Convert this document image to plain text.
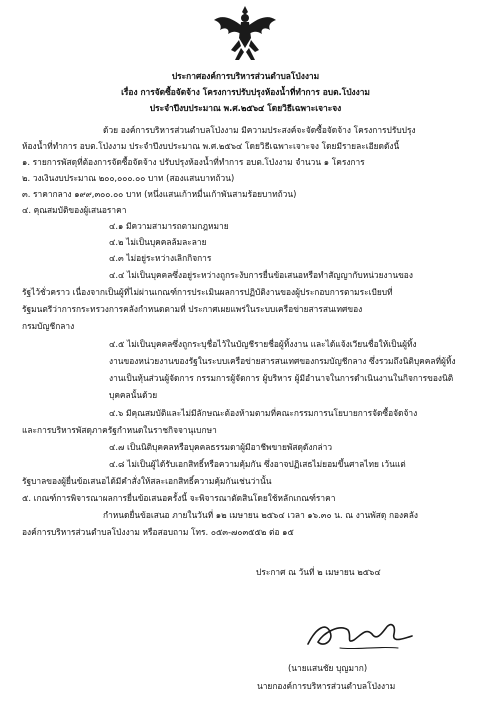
ประกาศองค์การบริหารส่วนตำบลโป่งงาม
เรื่อง การจัดซื้อจัดจ้าง โครงการปรับปรุงห้องน้ำที่ทำการ อบต.โป่งงาม
ประจำปีงบประมาณ พ.ศ.๒๕๖๔ โดยวิธีเฉพาะเจาะจง
ด้วย องค์การบริหารส่วนตำบลโป่งงาม มีความประสงค์จะจัดซื้อจัดจ้าง โครงการปรับปรุง
ห้องน้ำที่ทำการ อบต.โป่งงาม ประจำปีงบประมาณ พ.ศ.๒๕๖๔ โดยวิธีเฉพาะเจาะจง โดยมีรายละเอียดดังนี้
๑. รายการพัสดุที่ต้องการจัดซื้อจัดจ้าง ปรับปรุงห้องน้ำที่ทำการ อบต.โป่งงาม จำนวน ๑ โครงการ
๒. วงเงินงบประมาณ ๒๐๐,๐๐๐.๐๐ บาท (สองแสนบาทถ้วน)
๓. ราคากลาง ๑๙๙,๓๐๐.๐๐ บาท (หนึ่งแสนเก้าหมื่นเก้าพันสามร้อยบาทถ้วน)
๔. คุณสมบัติของผู้เสนอราคา
๔.๑ มีความสามารถตามกฎหมาย
๔.๒ ไม่เป็นบุคคลล้มละลาย
๔.๓ ไม่อยู่ระหว่างเลิกกิจการ
๔.๔ ไม่เป็นบุคคลซึ่งอยู่ระหว่างถูกระงับการยื่นข้อเสนอหรือทำสัญญากับหน่วยงานของ
รัฐไว้ชั่วคราว เนื่องจากเป็นผู้ที่ไม่ผ่านเกณฑ์การประเมินผลการปฏิบัติงานของผู้ประกอบการตามระเบียบที่
รัฐมนตรีว่าการกระทรวงการคลังกำหนดตามที่ ประกาศเผยแพร่ในระบบเครือข่ายสารสนเทศของ
กรมบัญชีกลาง
๔.๕ ไม่เป็นบุคคลซึ่งถูกระบุชื่อไว้ในบัญชีรายชื่อผู้ทิ้งงาน และได้แจ้งเวียนชื่อให้เป็นผู้ทิ้ง
งานของหน่วยงานของรัฐในระบบเครือข่ายสารสนเทศของกรมบัญชีกลาง ซึ่งรวมถึงนิติบุคคลที่ผู้ทิ้ง
งานเป็นหุ้นส่วนผู้จัดการ กรรมการผู้จัดการ ผู้บริหาร ผู้มีอำนาจในการดำเนินงานในกิจการของนิติ
บุคคลนั้นด้วย
๔.๖ มีคุณสมบัติและไม่มีลักษณะต้องห้ามตามที่คณะกรรมการนโยบายการจัดซื้อจัดจ้าง
และการบริหารพัสดุภาครัฐกำหนดในราชกิจจานุเบกษา
๔.๗ เป็นนิติบุคคลหรือบุคคลธรรมดาผู้มีอาชีพขายพัสดุดังกล่าว
๔.๘ ไม่เป็นผู้ได้รับเอกสิทธิ์หรือความคุ้มกัน ซึ่งอาจปฏิเสธไม่ยอมขึ้นศาลไทย เว้นแต่
รัฐบาลของผู้ยื่นข้อเสนอได้มีคำสั่งให้สละเอกสิทธิ์ความคุ้มกันเช่นว่านั้น
๕. เกณฑ์การพิจารณาผลการยื่นข้อเสนอครั้งนี้ จะพิจารณาตัดสินโดยใช้หลักเกณฑ์ราคา
กำหนดยื่นข้อเสนอ ภายในวันที่ ๑๒ เมษายน ๒๕๖๔ เวลา ๑๖.๓๐ น. ณ งานพัสดุ กองคลัง
องค์การบริหารส่วนตำบลโป่งงาม หรือสอบถาม โทร. ๐๕๓-๗๐๓๕๕๒ ต่อ ๑๕
ประกาศ ณ วันที่ ๒ เมษายน ๒๕๖๔
(นายแสนชัย บุญมาก)
นายกองค์การบริหารส่วนตำบลโป่งงาม
